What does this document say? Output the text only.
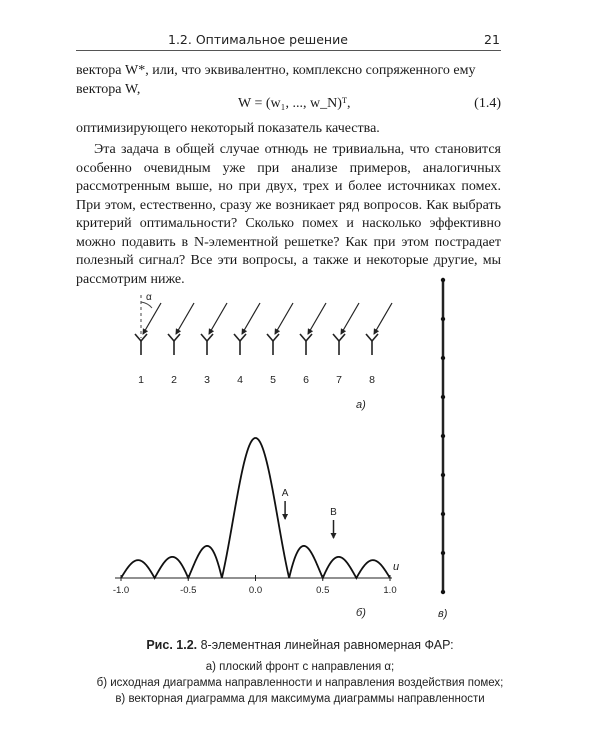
1.2. Оптимальное решение	21

вектора W*, или, что эквивалентно, комплексно сопряженного ему

вектора W,

W = (w₁, ..., w_N)ᵀ,	(1.4)

оптимизирующего некоторый показатель качества.

Эта задача в общей случае отнюдь не тривиальна, что становится особенно очевидным уже при анализе примеров, аналогичных рассмотренным выше, но при двух, трех и более источниках помех. При этом, естественно, сразу же возникает ряд вопросов. Как выбрать критерий оптимальности? Сколько помех и насколько эффективно можно подавить в N-элементной решетке? Как при этом пострадает полезный сигнал? Все эти вопросы, а также и некоторые другие, мы рассмотрим ниже.

α
1	2	3	4	5	6	7	8
а)
-1.0	-0.5	0.0	0.5	1.0
u
A
B
б)	в)
Рис. 1.2. 8-элементная линейная равномерная ФАР:
а) плоский фронт с направления α;
б) исходная диаграмма направленности и направления воздействия помех;
в) векторная диаграмма для максимума диаграммы направленности
